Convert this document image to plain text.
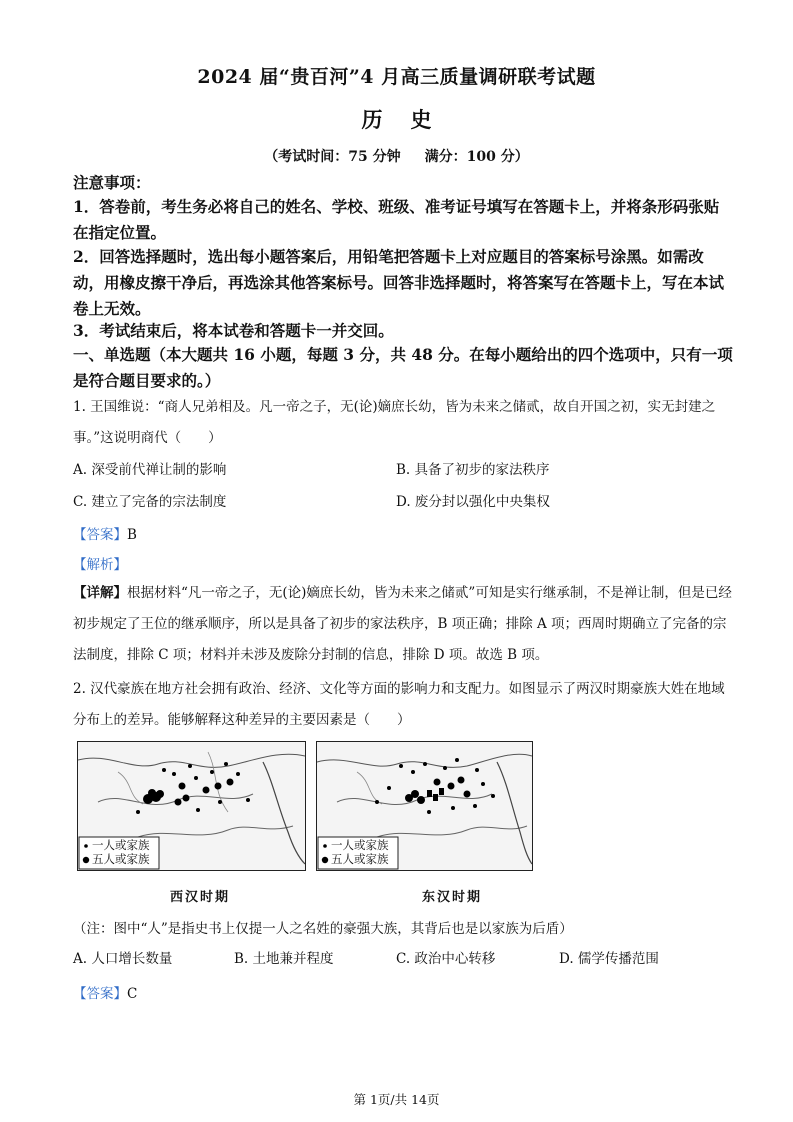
2024 届“贵百河”4 月高三质量调研联考试题
历 史
（考试时间：75 分钟 满分：100 分）
注意事项：
1．答卷前，考生务必将自己的姓名、学校、班级、准考证号填写在答题卡上，并将条形码张贴在指定位置。
2．回答选择题时，选出每小题答案后，用铅笔把答题卡上对应题目的答案标号涂黑。如需改动，用橡皮擦干净后，再选涂其他答案标号。回答非选择题时，将答案写在答题卡上，写在本试卷上无效。
3．考试结束后，将本试卷和答题卡一并交回。
一、单选题（本大题共 16 小题，每题 3 分，共 48 分。在每小题给出的四个选项中，只有一项是符合题目要求的。）
1. 王国维说：“商人兄弟相及。凡一帝之子，无(论)嫡庶长幼，皆为未来之储贰，故自开国之初，实无封建之事。”这说明商代（　　）
A. 深受前代禅让制的影响	B. 具备了初步的家法秩序
C. 建立了完备的宗法制度	D. 废分封以强化中央集权
【答案】B
【解析】
【详解】根据材料“凡一帝之子，无(论)嫡庶长幼，皆为未来之储贰”可知是实行继承制，不是禅让制，但是已经初步规定了王位的继承顺序，所以是具备了初步的家法秩序，B 项正确；排除 A 项；西周时期确立了完备的宗法制度，排除 C 项；材料并未涉及废除分封制的信息，排除 D 项。故选 B 项。
2. 汉代豪族在地方社会拥有政治、经济、文化等方面的影响力和支配力。如图显示了两汉时期豪族大姓在地域分布上的差异。能够解释这种差异的主要因素是（　　）
一人或家族
五人或家族
西汉时期
一人或家族
五人或家族
东汉时期
（注：图中“人”是指史书上仅提一人之名姓的豪强大族，其背后也是以家族为后盾）
A. 人口增长数量	B. 土地兼并程度	C. 政治中心转移	D. 儒学传播范围
【答案】C
第 1页/共 14页
